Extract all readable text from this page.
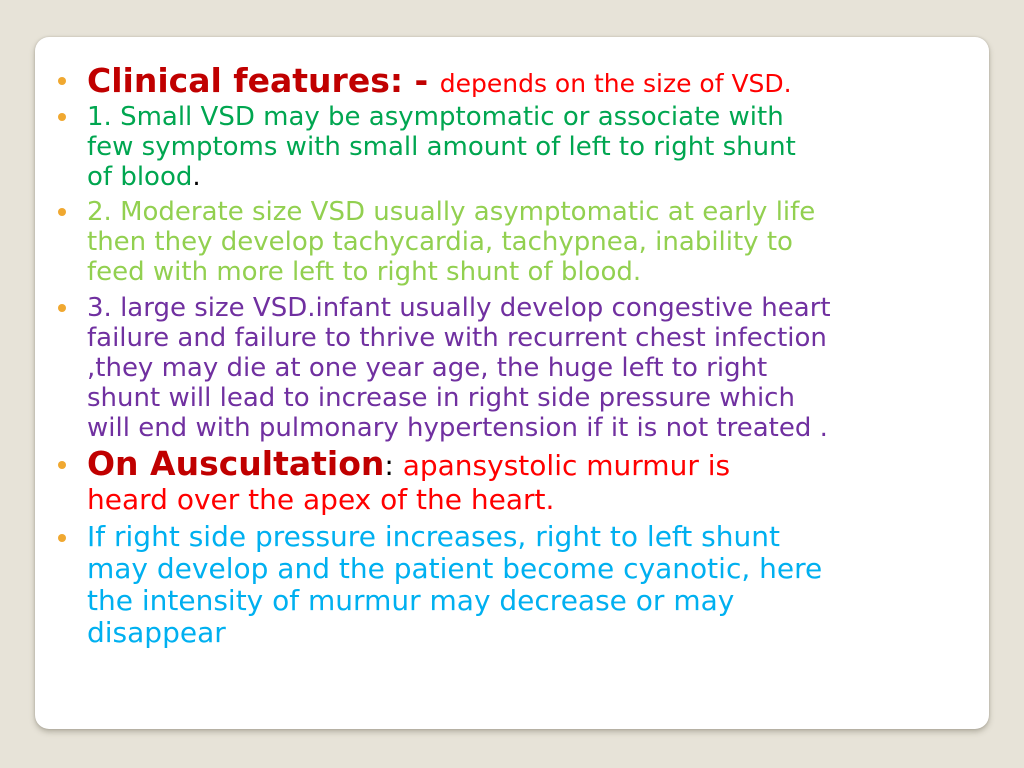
Clinical features: - depends on the size of VSD.
1. Small VSD may be asymptomatic or associate with
few symptoms with small amount of left to right shunt
of blood.
2. Moderate size VSD usually asymptomatic at early life
then they develop tachycardia, tachypnea, inability to
feed with more left to right shunt of blood.
3. large size VSD.infant usually develop congestive heart
failure and failure to thrive with recurrent chest infection
,they may die at one year age, the huge left to right
shunt will lead to increase in right side pressure which
will end with pulmonary hypertension if it is not treated .
On Auscultation: apansystolic murmur is
heard over the apex of the heart.
If right side pressure increases, right to left shunt
may develop and the patient become cyanotic, here
the intensity of murmur may decrease or may
disappear
